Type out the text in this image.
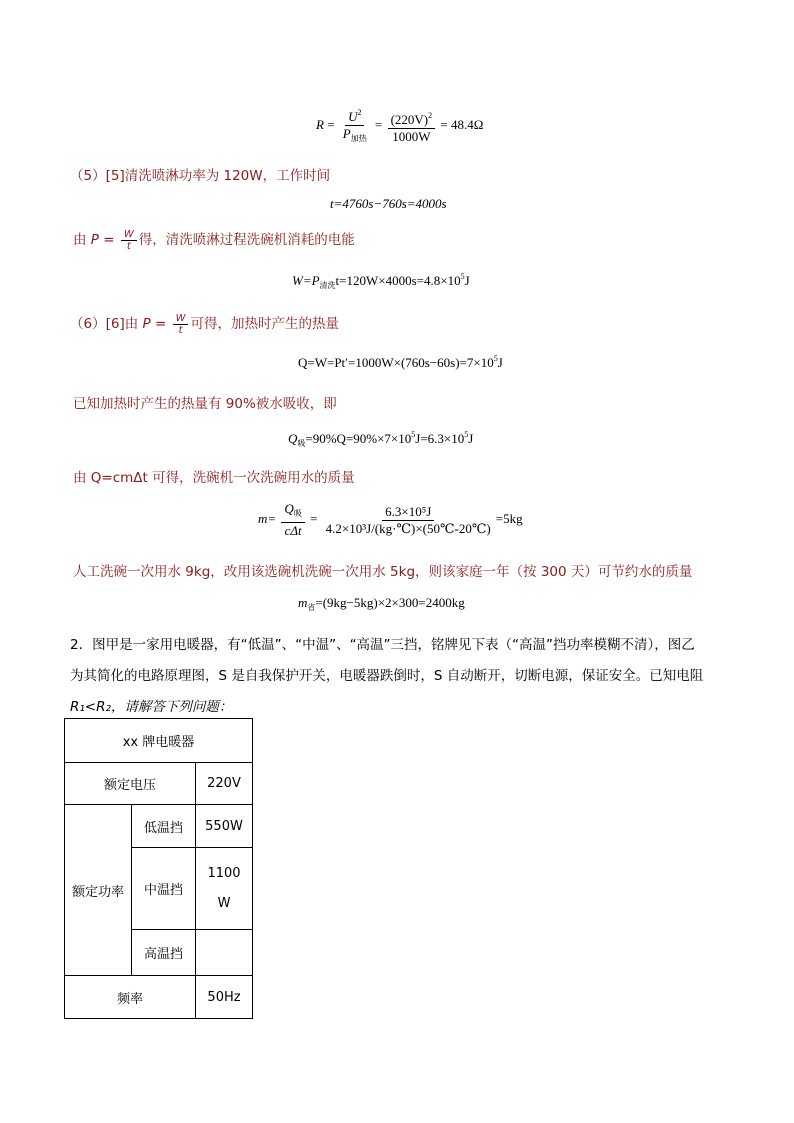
$R = \frac{U^2}{P_{加热}} = \frac{(220V)^2}{1000W} = 48.4\Omega$
（5）[5]清洗喷淋功率为 120W，工作时间
t=4760s−760s=4000s
由 $P = \frac{W}{t}$ 得，清洗喷淋过程洗碗机消耗的电能
$W=P_{清洗}t=120W\times 4000s=4.8\times 10^5J$
（6）[6]由 $P = \frac{W}{t}$ 可得，加热时产生的热量
$Q=W=Pt'=1000W\times(760s-60s)=7\times 10^5J$
已知加热时产生的热量有 90%被水吸收，即
$Q_吸=90\%Q=90\%\times 7\times 10^5J=6.3\times 10^5J$
由 Q=cmΔt 可得，洗碗机一次洗碗用水的质量
$m= \frac{Q_吸}{\text{cΔt}} = \frac{\text{6.3×10⁵J}}{\text{4.2×10³J/(kg·℃)×(50℃-20℃)}} =5kg$
人工洗碗一次用水 9kg，改用该选碗机洗碗一次用水 5kg，则该家庭一年（按 300 天）可节约水的质量
$m_省=(9kg-5kg)\times 2\times 300=2400kg$
2．图甲是一家用电暖器，有“低温”、“中温”、“高温”三挡，铭牌见下表（“高温”挡功率模糊不清），图乙
为其简化的电路原理图，S 是自我保护开关，电暖器跌倒时，S 自动断开，切断电源，保证安全。已知电阻
R₁<R₂，请解答下列问题：
xx 牌电暖器		
额定电压		220V
额定功率	低温挡	550W
	中温挡	1100
W

	高温挡	
频率		50Hz
